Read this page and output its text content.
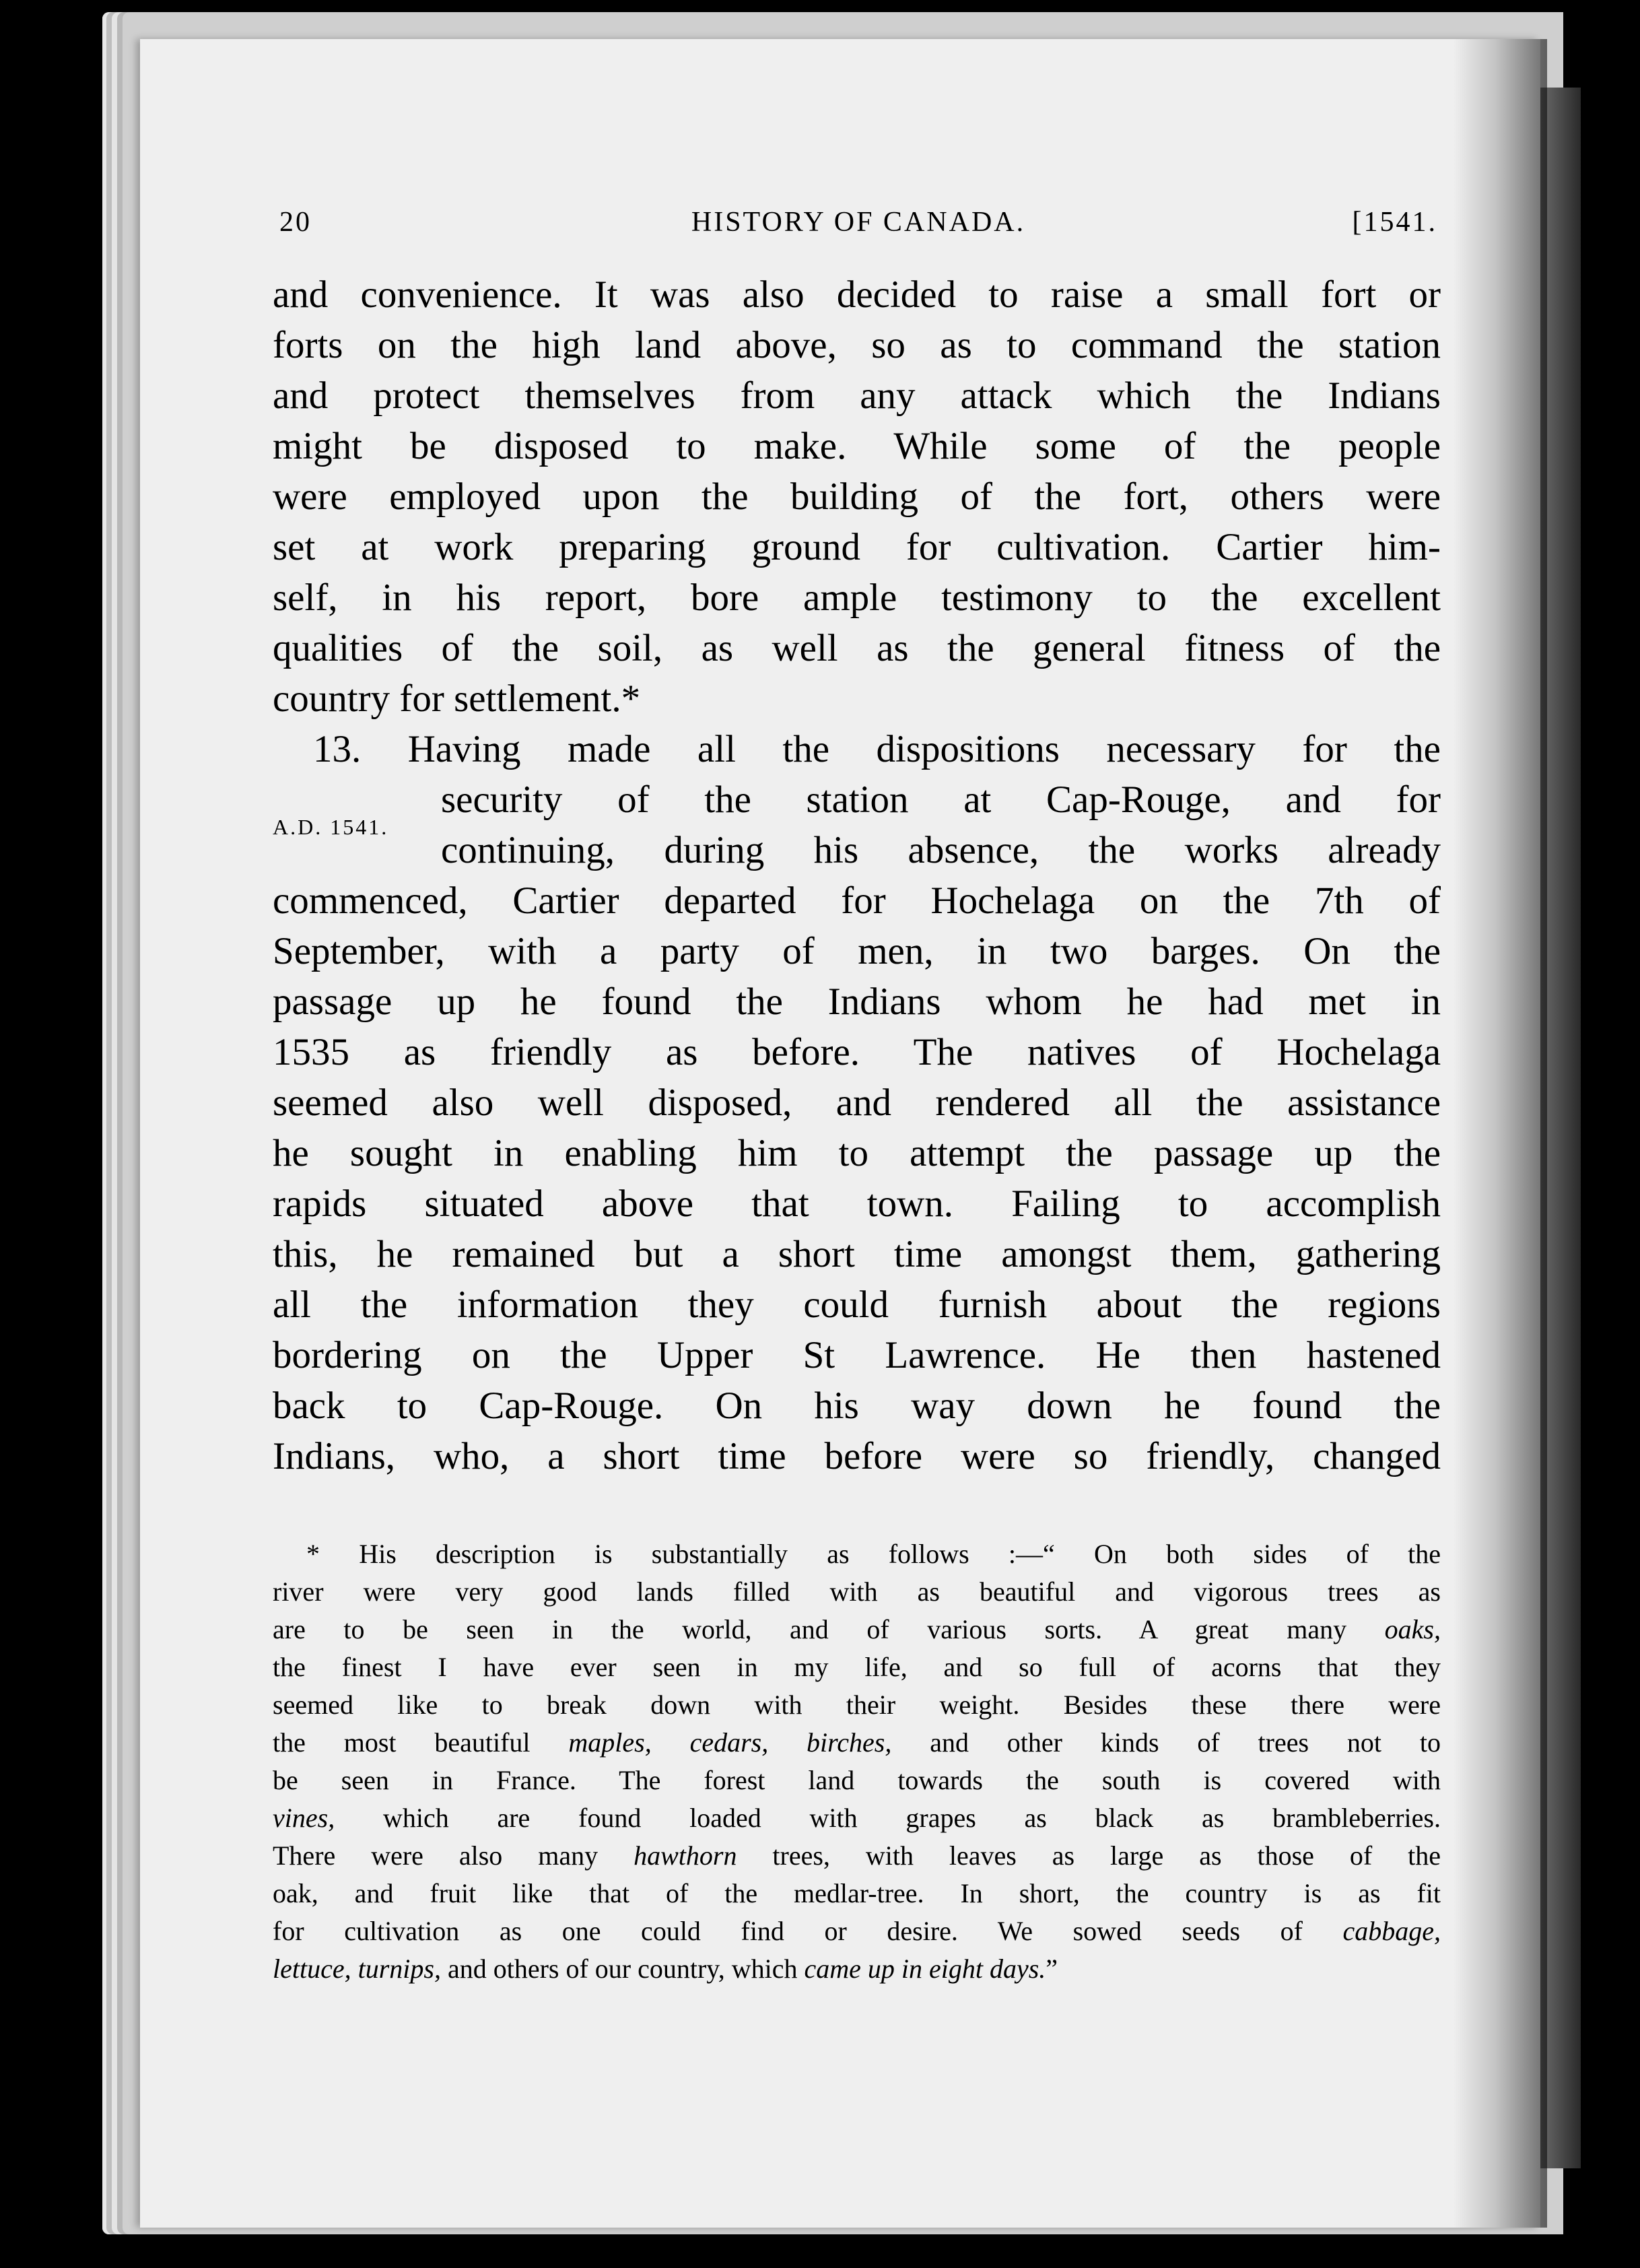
20	HISTORY OF CANADA.	[1541.
A.D. 1541.
and convenience. It was also decided to raise a small fort or
forts on the high land above, so as to command the station
and protect themselves from any attack which the Indians
might be disposed to make. While some of the people
were employed upon the building of the fort, others were
set at work preparing ground for cultivation. Cartier him-
self, in his report, bore ample testimony to the excellent
qualities of the soil, as well as the general fitness of the
country for settlement.*
13. Having made all the dispositions necessary for the
security of the station at Cap-Rouge, and for
continuing, during his absence, the works already
commenced, Cartier departed for Hochelaga on the 7th of
September, with a party of men, in two barges. On the
passage up he found the Indians whom he had met in
1535 as friendly as before. The natives of Hochelaga
seemed also well disposed, and rendered all the assistance
he sought in enabling him to attempt the passage up the
rapids situated above that town. Failing to accomplish
this, he remained but a short time amongst them, gathering
all the information they could furnish about the regions
bordering on the Upper St Lawrence. He then hastened
back to Cap-Rouge. On his way down he found the
Indians, who, a short time before were so friendly, changed
* His description is substantially as follows :—“ On both sides of the
river were very good lands filled with as beautiful and vigorous trees as
are to be seen in the world, and of various sorts. A great many oaks,
the finest I have ever seen in my life, and so full of acorns that they
seemed like to break down with their weight. Besides these there were
the most beautiful maples, cedars, birches, and other kinds of trees not to
be seen in France. The forest land towards the south is covered with
vines, which are found loaded with grapes as black as brambleberries.
There were also many hawthorn trees, with leaves as large as those of the
oak, and fruit like that of the medlar-tree. In short, the country is as fit
for cultivation as one could find or desire. We sowed seeds of cabbage,
lettuce, turnips, and others of our country, which came up in eight days.”
